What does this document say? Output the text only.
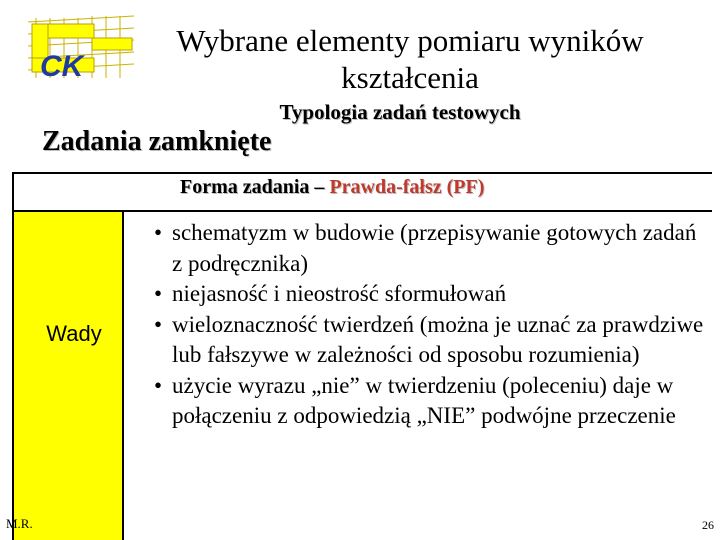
CK
Wybrane elementy pomiaru wyników kształcenia
Typologia zadań testowych
Zadania zamknięte
Forma zadania – Prawda-fałsz (PF)
Wady
• schematyzm w budowie (przepisywanie gotowych zadań z podręcznika)
• niejasność i nieostrość sformułowań
• wieloznaczność twierdzeń (można je uznać za prawdziwe lub fałszywe w zależności od sposobu rozumienia)
• użycie wyrazu „nie” w twierdzeniu (poleceniu) daje w połączeniu z odpowiedzią „NIE” podwójne przeczenie
M.R.	26
